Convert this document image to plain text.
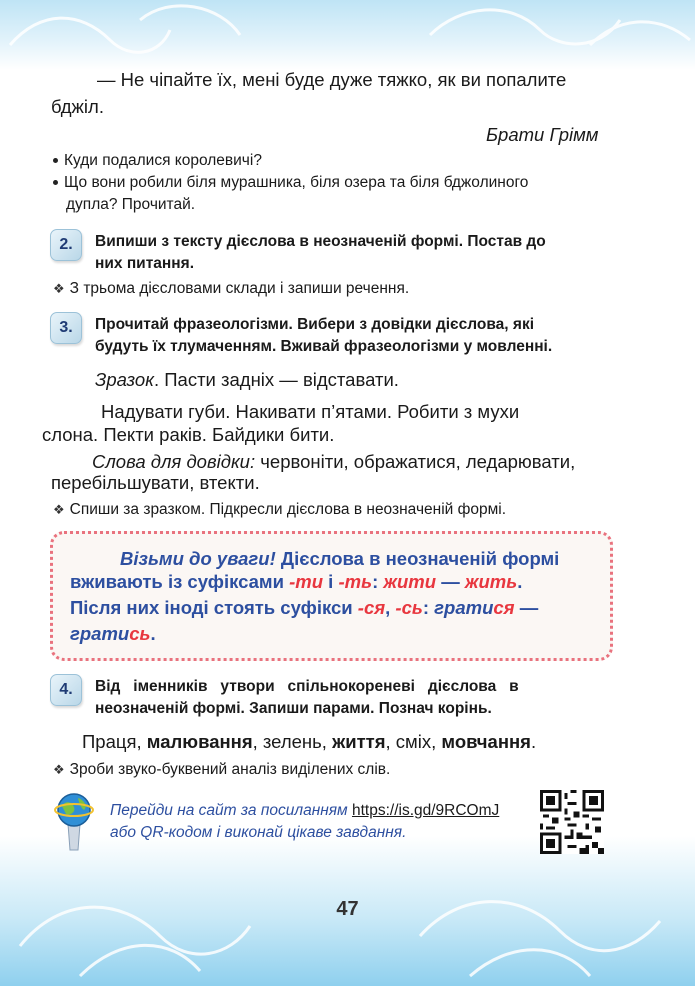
— Не чіпайте їх, мені буде дуже тяжко, як ви попалите
бджіл.
Брати Грімм
Куди подалися королевичі?
Що вони робили біля мурашника, біля озера та біля бджолиного
дупла? Прочитай.
2.	Випиши з тексту дієслова в неозначеній формі. Постав до
них питання.
❖ З трьома дієсловами склади і запиши речення.
3.	Прочитай фразеологізми. Вибери з довідки дієслова, які
будуть їх тлумаченням. Вживай фразеологізми у мовленні.
Зразок. Пасти задніх — відставати.
Надувати губи. Накивати п’ятами. Робити з мухи
слона. Пекти раків. Байдики бити.
Слова для довідки: червоніти, ображатися, ледарювати,
перебільшувати, втекти.
❖ Спиши за зразком. Підкресли дієслова в неозначеній формі.
Візьми до уваги! Дієслова в неозначеній формі
вживають із суфіксами -ти і -ть: жити — жить.
Після них іноді стоять суфікси -ся, -сь: гратися —
гратись.
4.	Від   іменників   утвори   спільнокореневі   дієслова   в
неозначеній формі. Запиши парами. Познач корінь.
Праця, малювання, зелень, життя, сміх, мовчання.
❖ Зроби звуко-буквений аналіз виділених слів.
Перейди на сайт за посиланням https://is.gd/9RCOmJ
або QR-кодом і виконай цікаве завдання.
47
